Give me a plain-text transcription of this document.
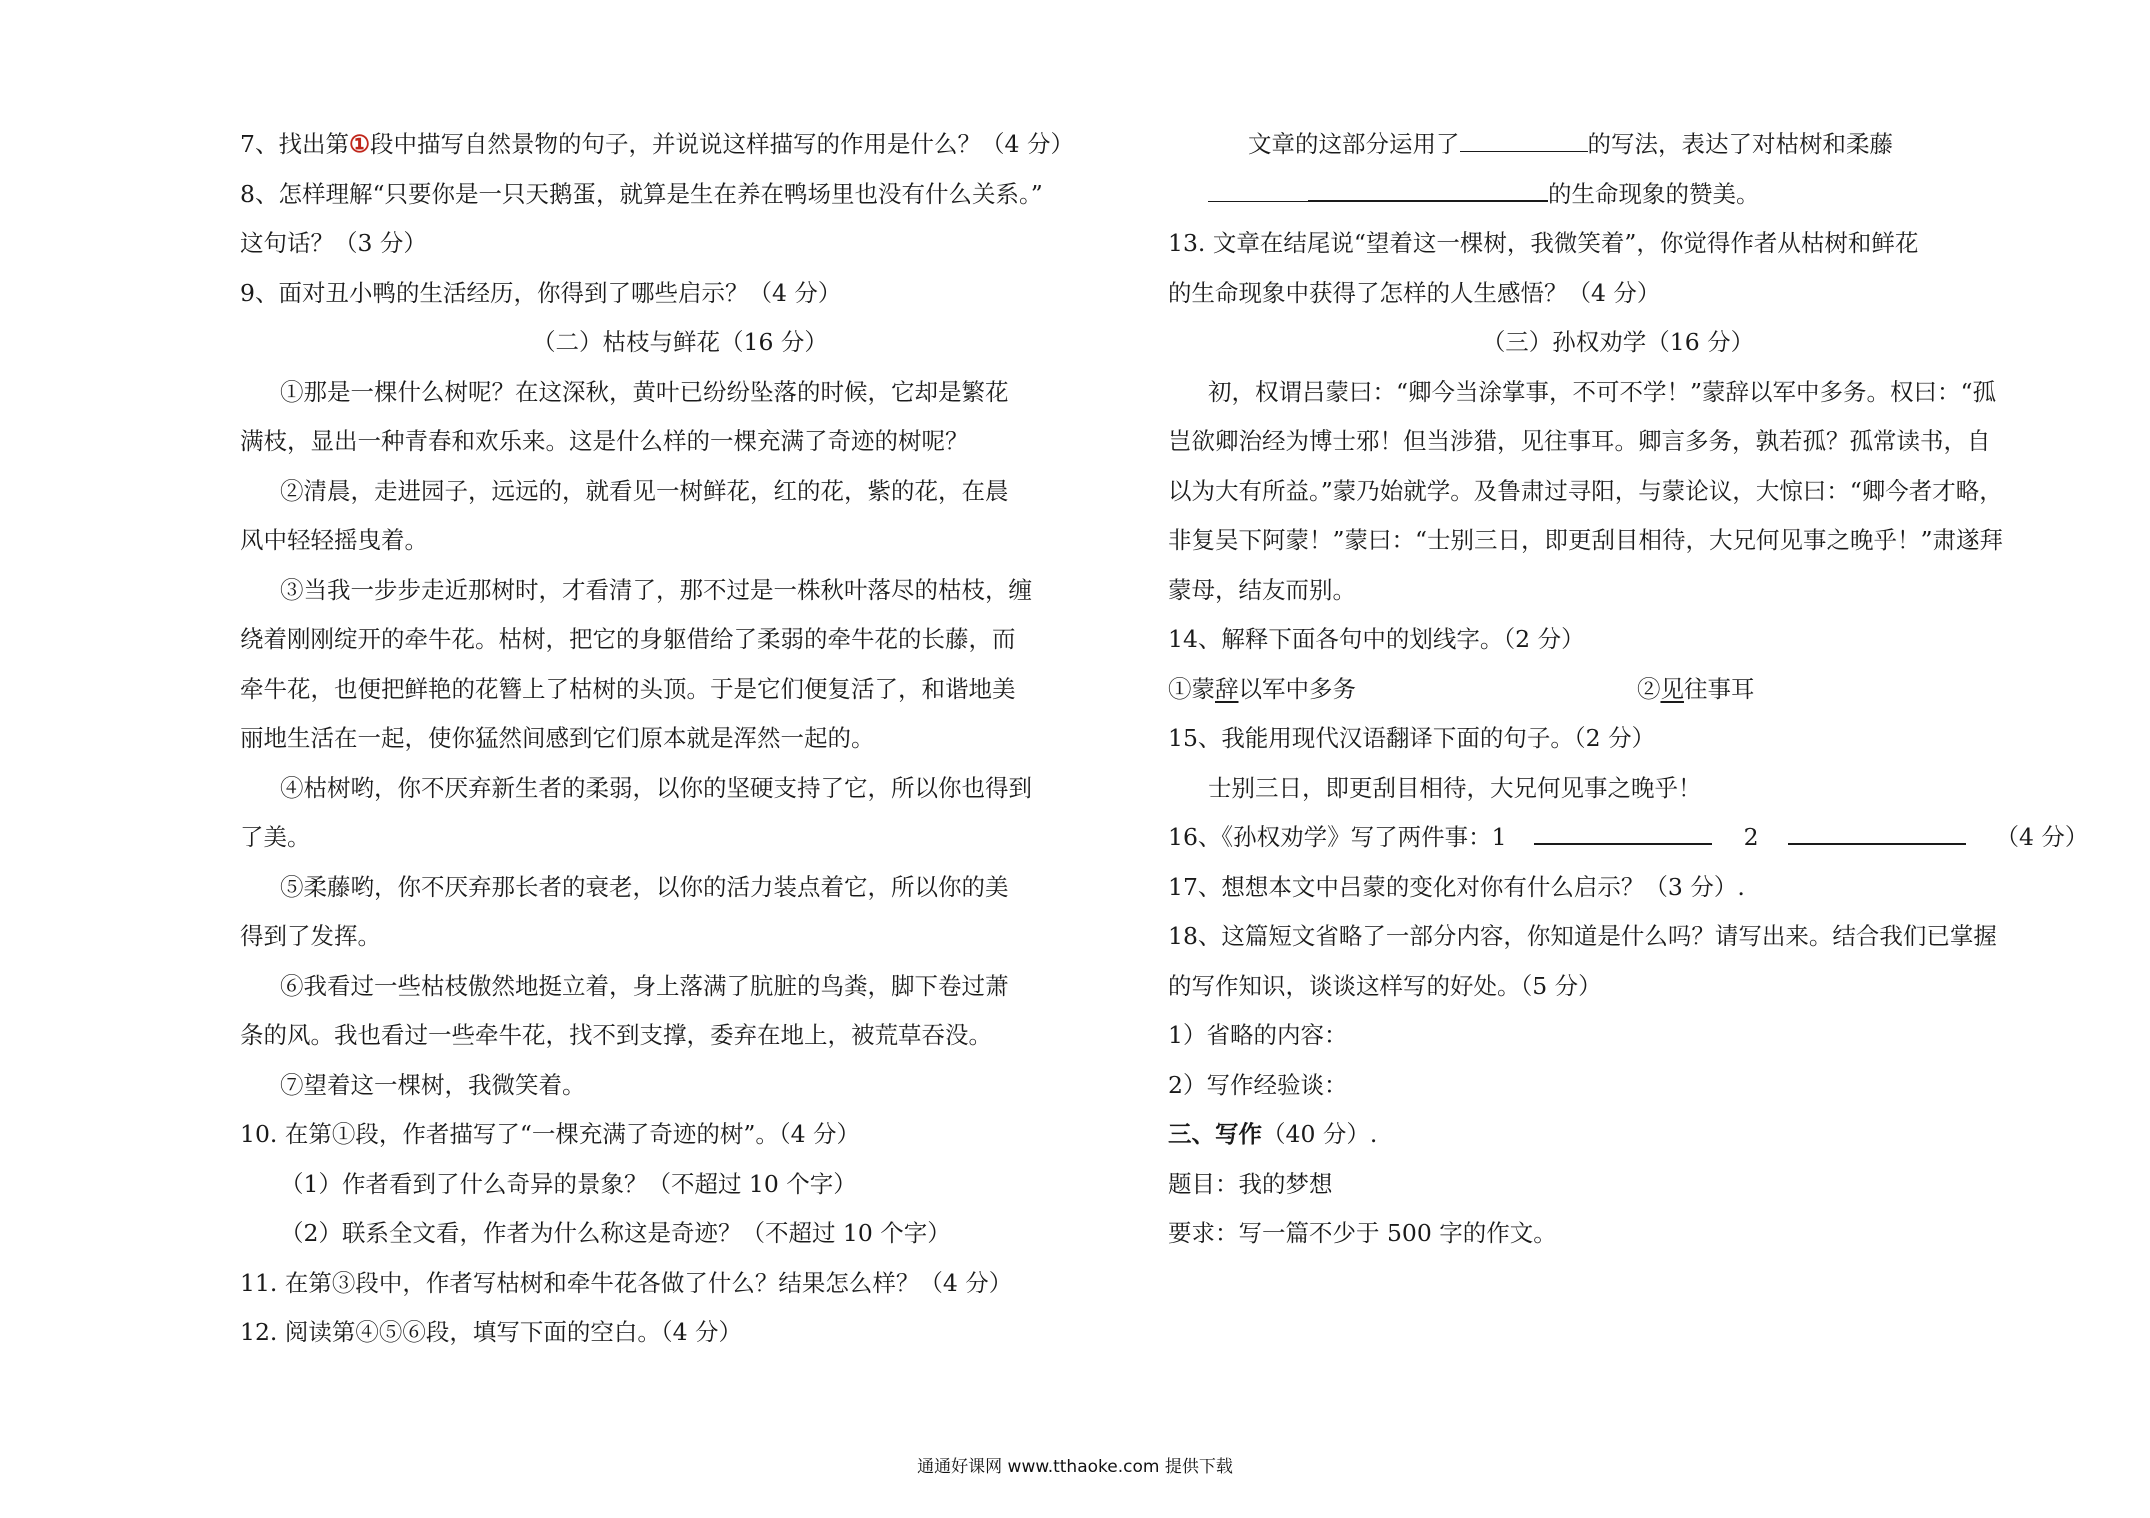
7、找出第①段中描写自然景物的句子，并说说这样描写的作用是什么？（4 分）
8、怎样理解“只要你是一只天鹅蛋，就算是生在养在鸭场里也没有什么关系。”
这句话？（3 分）
9、面对丑小鸭的生活经历，你得到了哪些启示？（4 分）
（二）枯枝与鲜花（16 分）
①那是一棵什么树呢？在这深秋，黄叶已纷纷坠落的时候，它却是繁花
满枝，显出一种青春和欢乐来。这是什么样的一棵充满了奇迹的树呢？
②清晨，走进园子，远远的，就看见一树鲜花，红的花，紫的花，在晨
风中轻轻摇曳着。
③当我一步步走近那树时，才看清了，那不过是一株秋叶落尽的枯枝，缠
绕着刚刚绽开的牵牛花。枯树，把它的身躯借给了柔弱的牵牛花的长藤，而
牵牛花，也便把鲜艳的花簪上了枯树的头顶。于是它们便复活了，和谐地美
丽地生活在一起，使你猛然间感到它们原本就是浑然一起的。
④枯树哟，你不厌弃新生者的柔弱，以你的坚硬支持了它，所以你也得到
了美。
⑤柔藤哟，你不厌弃那长者的衰老，以你的活力装点着它，所以你的美
得到了发挥。
⑥我看过一些枯枝傲然地挺立着，身上落满了肮脏的鸟粪，脚下卷过萧
条的风。我也看过一些牵牛花，找不到支撑，委弃在地上，被荒草吞没。
⑦望着这一棵树，我微笑着。
10. 在第①段，作者描写了“一棵充满了奇迹的树”。（4 分）
（1）作者看到了什么奇异的景象？（不超过 10 个字）
（2）联系全文看，作者为什么称这是奇迹？（不超过 10 个字）
11. 在第③段中，作者写枯树和牵牛花各做了什么？结果怎么样？（4 分）
12. 阅读第④⑤⑥段，填写下面的空白。（4 分）
文章的这部分运用了	的写法，表达了对枯树和柔藤
的生命现象的赞美。
13. 文章在结尾说“望着这一棵树，我微笑着”，你觉得作者从枯树和鲜花
的生命现象中获得了怎样的人生感悟？（4 分）
（三）孙权劝学（16 分）
初，权谓吕蒙曰：“卿今当涂掌事，不可不学！”蒙辞以军中多务。权曰：“孤
岂欲卿治经为博士邪！但当涉猎，见往事耳。卿言多务，孰若孤？孤常读书，自
以为大有所益。”蒙乃始就学。及鲁肃过寻阳，与蒙论议，大惊曰：“卿今者才略，
非复吴下阿蒙！”蒙曰：“士别三日，即更刮目相待，大兄何见事之晚乎！”肃遂拜
蒙母，结友而别。
14、解释下面各句中的划线字。（2 分）
①蒙辞以军中多务	②见往事耳
15、我能用现代汉语翻译下面的句子。（2 分）
士别三日，即更刮目相待，大兄何见事之晚乎！
16、《孙权劝学》写了两件事：1	2	（4 分）
17、想想本文中吕蒙的变化对你有什么启示？（3 分）.
18、这篇短文省略了一部分内容，你知道是什么吗？请写出来。结合我们已掌握
的写作知识，谈谈这样写的好处。（5 分）
1）省略的内容：
2）写作经验谈：
三、写作（40 分）.
题目：我的梦想
要求：写一篇不少于 500 字的作文。
通通好课网 www.tthaoke.com 提供下载
